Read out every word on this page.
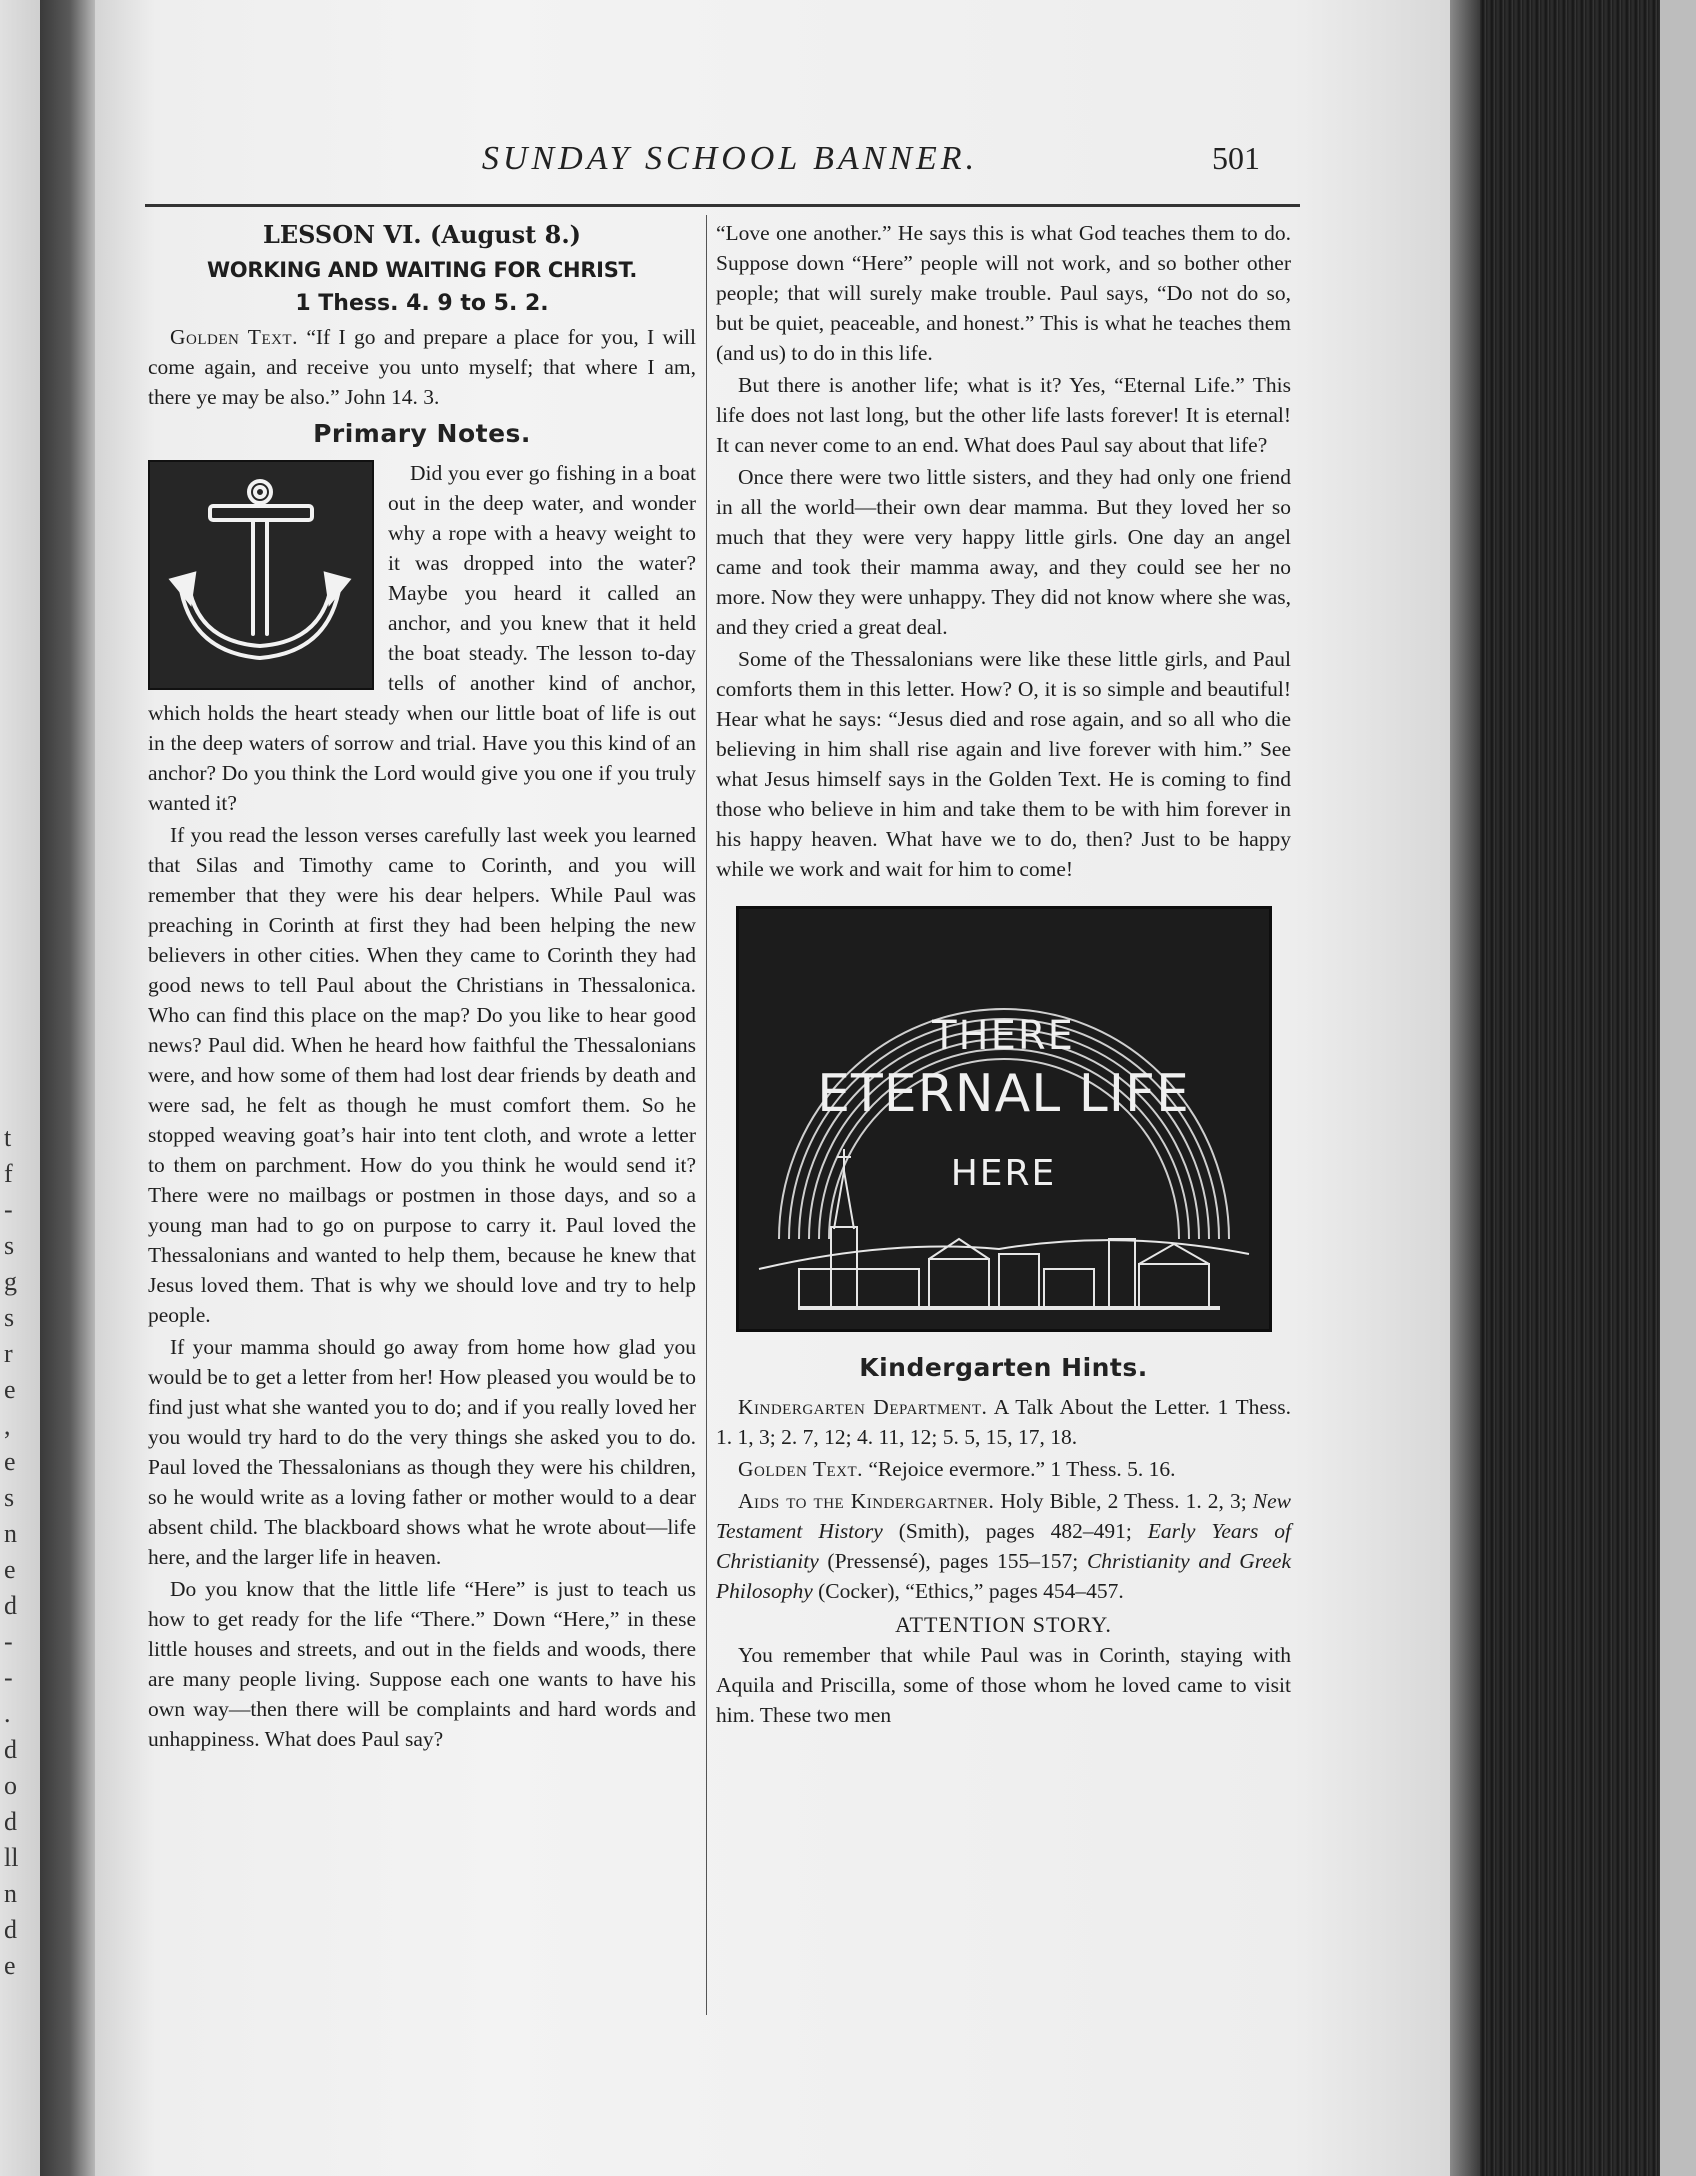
t
f
-
s
g
s
r
e
,
e
s
n
e
d
-
-
.
d
o
d
ll
n
d
e
SUNDAY SCHOOL BANNER.	501

LESSON VI. (August 8.)

WORKING AND WAITING FOR CHRIST.

1 Thess. 4. 9 to 5. 2.

Golden Text. “If I go and prepare a place for you, I will come again, and receive you unto myself; that where I am, there ye may be also.” John 14. 3.

Primary Notes.

Did you ever go fishing in a boat out in the deep water, and wonder why a rope with a heavy weight to it was dropped into the water? Maybe you heard it called an anchor, and you knew that it held the boat steady. The lesson to-day tells of another kind of anchor, which holds the heart steady when our little boat of life is out in the deep waters of sorrow and trial. Have you this kind of an anchor? Do you think the Lord would give you one if you truly wanted it?

If you read the lesson verses carefully last week you learned that Silas and Timothy came to Corinth, and you will remember that they were his dear helpers. While Paul was preaching in Corinth at first they had been helping the new believers in other cities. When they came to Corinth they had good news to tell Paul about the Christians in Thessalonica. Who can find this place on the map? Do you like to hear good news? Paul did. When he heard how faithful the Thessalonians were, and how some of them had lost dear friends by death and were sad, he felt as though he must comfort them. So he stopped weaving goat’s hair into tent cloth, and wrote a letter to them on parchment. How do you think he would send it? There were no mailbags or postmen in those days, and so a young man had to go on purpose to carry it. Paul loved the Thessalonians and wanted to help them, because he knew that Jesus loved them. That is why we should love and try to help people.

If your mamma should go away from home how glad you would be to get a letter from her! How pleased you would be to find just what she wanted you to do; and if you really loved her you would try hard to do the very things she asked you to do. Paul loved the Thessalonians as though they were his children, so he would write as a loving father or mother would to a dear absent child. The blackboard shows what he wrote about—life here, and the larger life in heaven.

Do you know that the little life “Here” is just to teach us how to get ready for the life “There.” Down “Here,” in these little houses and streets, and out in the fields and woods, there are many people living. Suppose each one wants to have his own way—then there will be complaints and hard words and unhappiness. What does Paul say?

“Love one another.” He says this is what God teaches them to do. Suppose down “Here” people will not work, and so bother other people; that will surely make trouble. Paul says, “Do not do so, but be quiet, peaceable, and honest.” This is what he teaches them (and us) to do in this life.

But there is another life; what is it? Yes, “Eternal Life.” This life does not last long, but the other life lasts forever! It is eternal! It can never come to an end. What does Paul say about that life?

Once there were two little sisters, and they had only one friend in all the world—their own dear mamma. But they loved her so much that they were very happy little girls. One day an angel came and took their mamma away, and they could see her no more. Now they were unhappy. They did not know where she was, and they cried a great deal.

Some of the Thessalonians were like these little girls, and Paul comforts them in this letter. How? O, it is so simple and beautiful! Hear what he says: “Jesus died and rose again, and so all who die believing in him shall rise again and live forever with him.” See what Jesus himself says in the Golden Text. He is coming to find those who believe in him and take them to be with him forever in his happy heaven. What have we to do, then? Just to be happy while we work and wait for him to come!

THERE
ETERNAL LIFE
HERE
Kindergarten Hints.

Kindergarten Department. A Talk About the Letter. 1 Thess. 1. 1, 3; 2. 7, 12; 4. 11, 12; 5. 5, 15, 17, 18.

Golden Text. “Rejoice evermore.” 1 Thess. 5. 16.

Aids to the Kindergartner. Holy Bible, 2 Thess. 1. 2, 3; New Testament History (Smith), pages 482–491; Early Years of Christianity (Pressensé), pages 155–157; Christianity and Greek Philosophy (Cocker), “Ethics,” pages 454–457.

ATTENTION STORY.

You remember that while Paul was in Corinth, staying with Aquila and Priscilla, some of those whom he loved came to visit him. These two men
